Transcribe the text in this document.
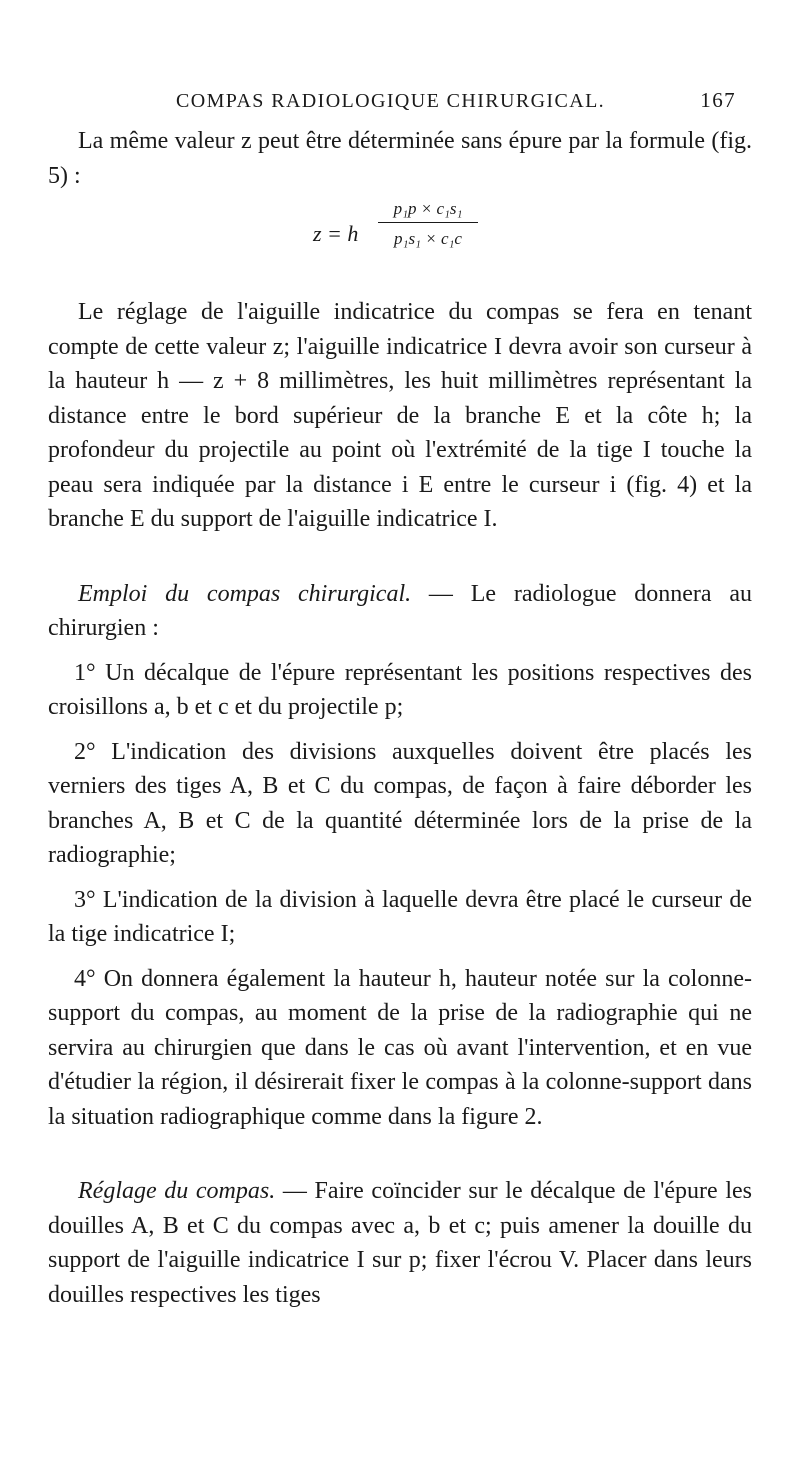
COMPAS RADIOLOGIQUE CHIRURGICAL.	167

La même valeur z peut être déterminée sans épure par la formule (fig. 5) :

z = h $\frac{\text{p₁p × c₁s₁}}{\text{p₁s₁ × c₁c}}$

Le réglage de l'aiguille indicatrice du compas se fera en tenant compte de cette valeur z; l'aiguille indicatrice I devra avoir son curseur à la hauteur h — z + 8 millimètres, les huit millimètres représentant la distance entre le bord supérieur de la branche E et la côte h; la profondeur du projectile au point où l'extrémité de la tige I touche la peau sera indiquée par la distance i E entre le curseur i (fig. 4) et la branche E du support de l'aiguille indicatrice I.

Emploi du compas chirurgical. — Le radiologue donnera au chirurgien :

1° Un décalque de l'épure représentant les positions respectives des croisillons a, b et c et du projectile p;

2° L'indication des divisions auxquelles doivent être placés les verniers des tiges A, B et C du compas, de façon à faire déborder les branches A, B et C de la quantité déterminée lors de la prise de la radiographie;

3° L'indication de la division à laquelle devra être placé le curseur de la tige indicatrice I;

4° On donnera également la hauteur h, hauteur notée sur la colonne-support du compas, au moment de la prise de la radiographie qui ne servira au chirurgien que dans le cas où avant l'intervention, et en vue d'étudier la région, il désirerait fixer le compas à la colonne-support dans la situation radiographique comme dans la figure 2.

Réglage du compas. — Faire coïncider sur le décalque de l'épure les douilles A, B et C du compas avec a, b et c; puis amener la douille du support de l'aiguille indicatrice I sur p; fixer l'écrou V. Placer dans leurs douilles respectives les tiges
